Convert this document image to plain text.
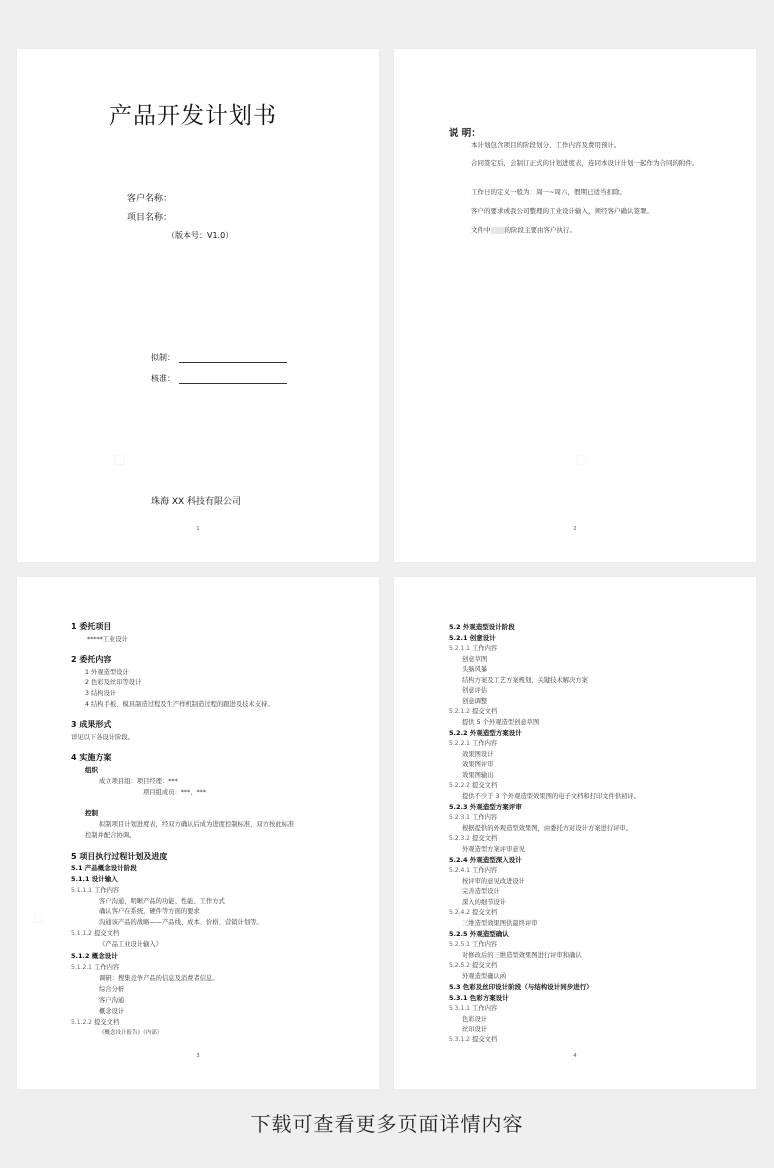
产品开发计划书
客户名称：
项目名称：
（版本号：V1.0）
拟制：
核准：
珠海 XX 科技有限公司
1
说 明：
本计划包含项目的阶段划分、工作内容及费用预计。
合同签定后，会制订正式的计划进度表，连同本设计计划一起作为合同的附件。
工作日的定义一般为：周一~周六，假期已适当扣除。
客户的要求或我公司整理的工业设计输入，须经客户确认签署。
文件中 的阶段主要由客户执行。
2
1 委托项目
*****工业设计
2 委托内容
1 外观造型设计
2 色彩及丝印等设计
3 结构设计
4 结构手板、模具制造过程及生产样机制造过程的跟进及技术支持。
3 成果形式
详见以下各设计阶段。
4 实施方案
组织
成立项目组：项目经理：***
项目组成员：***、***
控制
拟制项目计划进度表，经双方确认后成为进度控制标准，双方按此标准
控制并配合协调。
5 项目执行过程计划及进度
5.1 产品概念设计阶段
5.1.1 设计输入
5.1.1.1 工作内容
客户沟通，明晰产品的功能、性能、工作方式
确认客户在系统，硬件等方面的要求
沟通该产品的战略——产品线、成本、价格、营销计划等。
5.1.1.2 提交文档
《产品工业设计输入》
5.1.2 概念设计
5.1.2.1 工作内容
调研：搜集竞争产品的信息及消费者信息。
综合分析
客户沟通
概念设计
5.1.2.2 提交文档
《概念设计报告》（内部）
3
5.2 外观造型设计阶段
5.2.1 创意设计
5.2.1.1 工作内容
创意草图
头脑风暴
结构方案及工艺方案规划，关键技术解决方案
创意评估
创意调整
5.2.1.2 提交文档
提供 5 个外观造型创意草图
5.2.2 外观造型方案设计
5.2.2.1 工作内容
效果图设计
效果图评审
效果图输出
5.2.2.2 提交文档
提供不少于 3 个外观造型效果图的电子文档和打印文件供初评。
5.2.3 外观造型方案评审
5.2.3.1 工作内容
根据提供的外观造型效果图，由委托方对设计方案进行评审。
5.2.3.2 提交文档
外观造型方案评审意见
5.2.4 外观造型深入设计
5.2.4.1 工作内容
按评审的意见改进设计
完善造型设计
深入的细节设计
5.2.4.2 提交文档
三维造型效果图供最终评审
5.2.5 外观造型确认
5.2.5.1 工作内容
对修改后的三维造型效果图进行评审和确认
5.2.5.2 提交文档
外观造型确认函
5.3 色彩及丝印设计阶段（与结构设计同步进行）
5.3.1 色彩方案设计
5.3.1.1 工作内容
色彩设计
丝印设计
5.3.1.2 提交文档
4
下载可查看更多页面详情内容
